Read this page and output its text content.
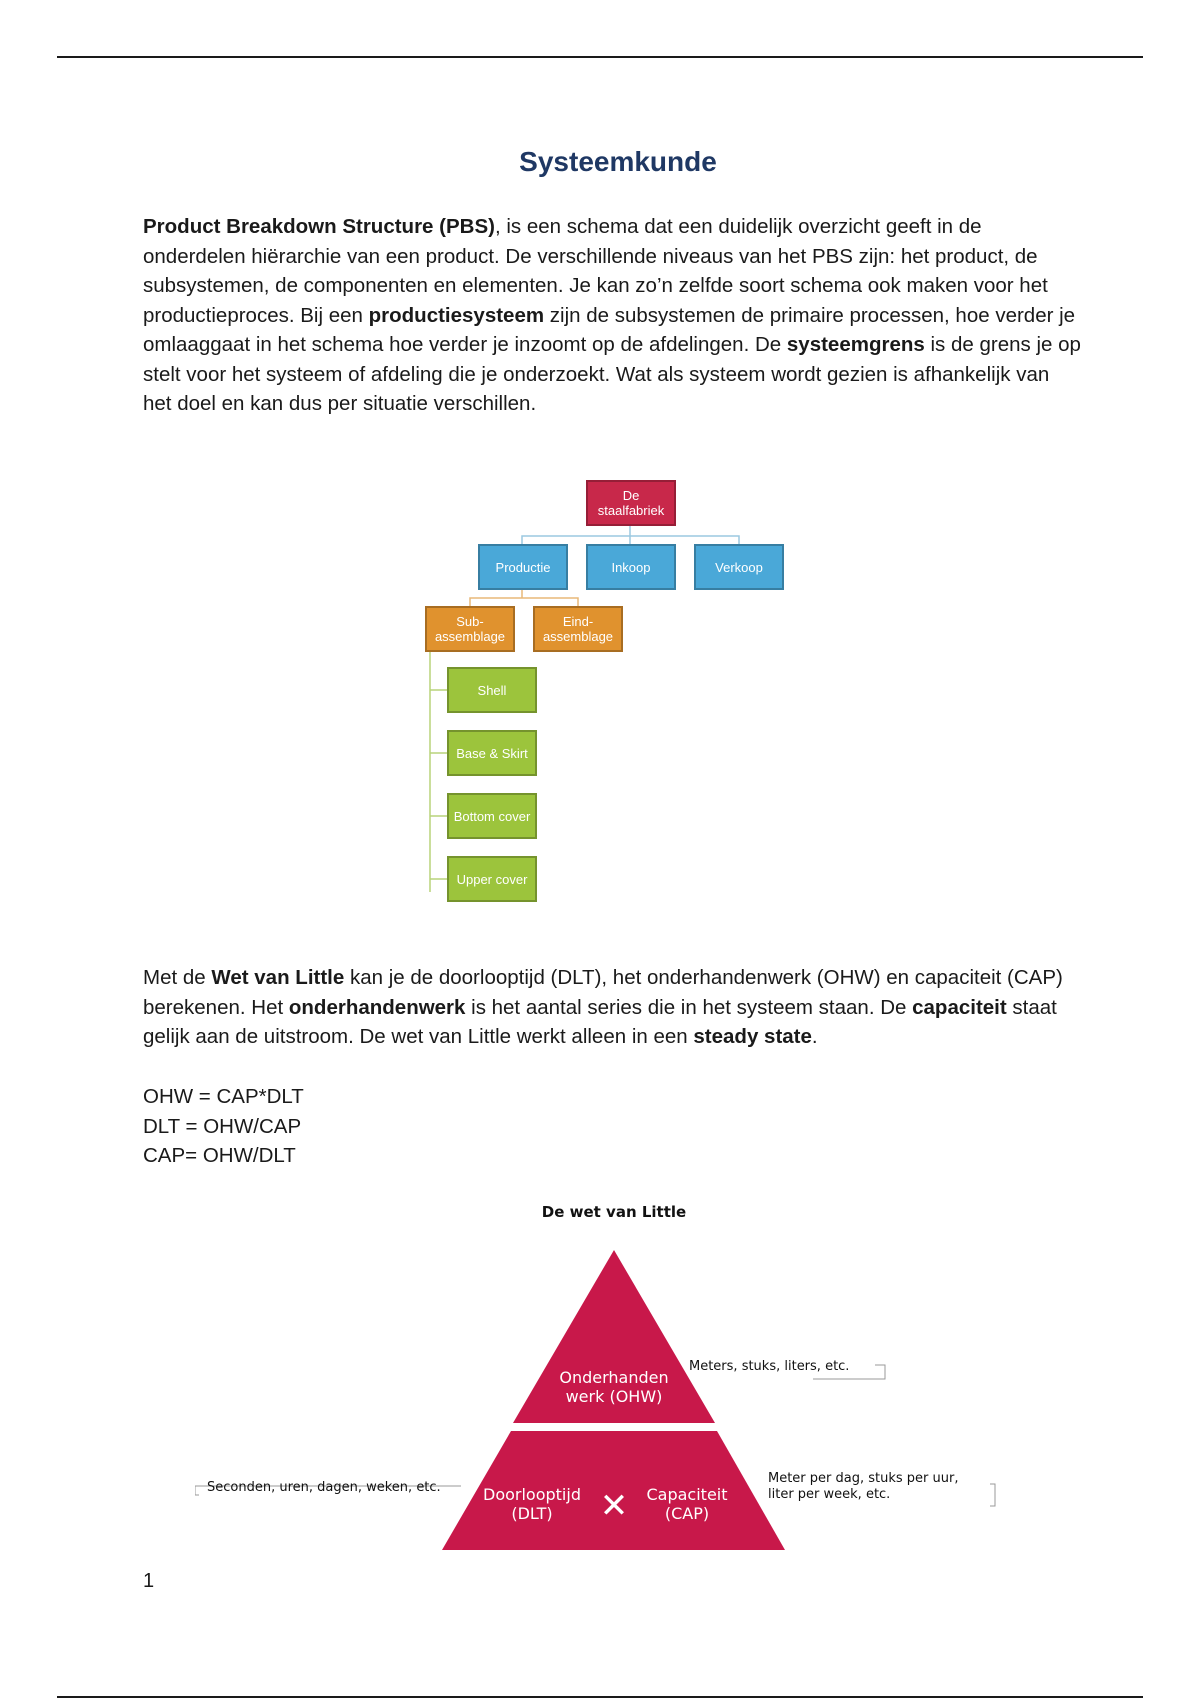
Systeemkunde

Product Breakdown Structure (PBS), is een schema dat een duidelijk overzicht geeft in de onderdelen hiërarchie van een product. De verschillende niveaus van het PBS zijn: het product, de subsystemen, de componenten en elementen. Je kan zo’n zelfde soort schema ook maken voor het productieproces. Bij een productiesysteem zijn de subsystemen de primaire processen, hoe verder je omlaaggaat in het schema hoe verder je inzoomt op de afdelingen. De systeemgrens is de grens je op stelt voor het systeem of afdeling die je onderzoekt. Wat als systeem wordt gezien is afhankelijk van het doel en kan dus per situatie verschillen.

De staalfabriek
Productie	Inkoop	Verkoop
Sub-assemblage
Eind-assemblage
Shell
Base & Skirt
Bottom cover
Upper cover

Met de Wet van Little kan je de doorlooptijd (DLT), het onderhandenwerk (OHW) en capaciteit (CAP) berekenen. Het onderhandenwerk is het aantal series die in het systeem staan. De capaciteit staat gelijk aan de uitstroom. De wet van Little werkt alleen in een steady state.

OHW = CAP*DLT
DLT = OHW/CAP
CAP= OHW/DLT
De wet van Little
Onderhanden
werk (OHW)
Doorlooptijd
(DLT) ✕ Capaciteit
(CAP)
Meters, stuks, liters, etc.
Seconden, uren, dagen, weken, etc.
Meter per dag, stuks per uur,
liter per week, etc.
1
